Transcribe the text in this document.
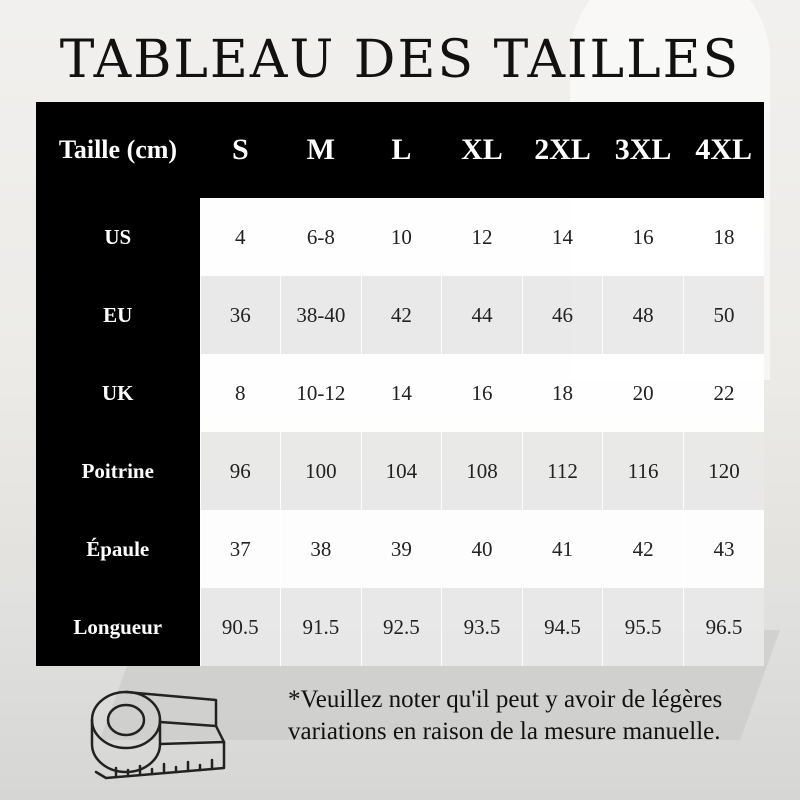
TABLEAU DES TAILLES
Taille (cm)	S	M	L	XL	2XL	3XL	4XL
US	4	6-8	10	12	14	16	18
EU	36	38-40	42	44	46	48	50
UK	8	10-12	14	16	18	20	22
Poitrine	96	100	104	108	112	116	120
Épaule	37	38	39	40	41	42	43
Longueur	90.5	91.5	92.5	93.5	94.5	95.5	96.5
*Veuillez noter qu'il peut y avoir de légères variations en raison de la mesure manuelle.
